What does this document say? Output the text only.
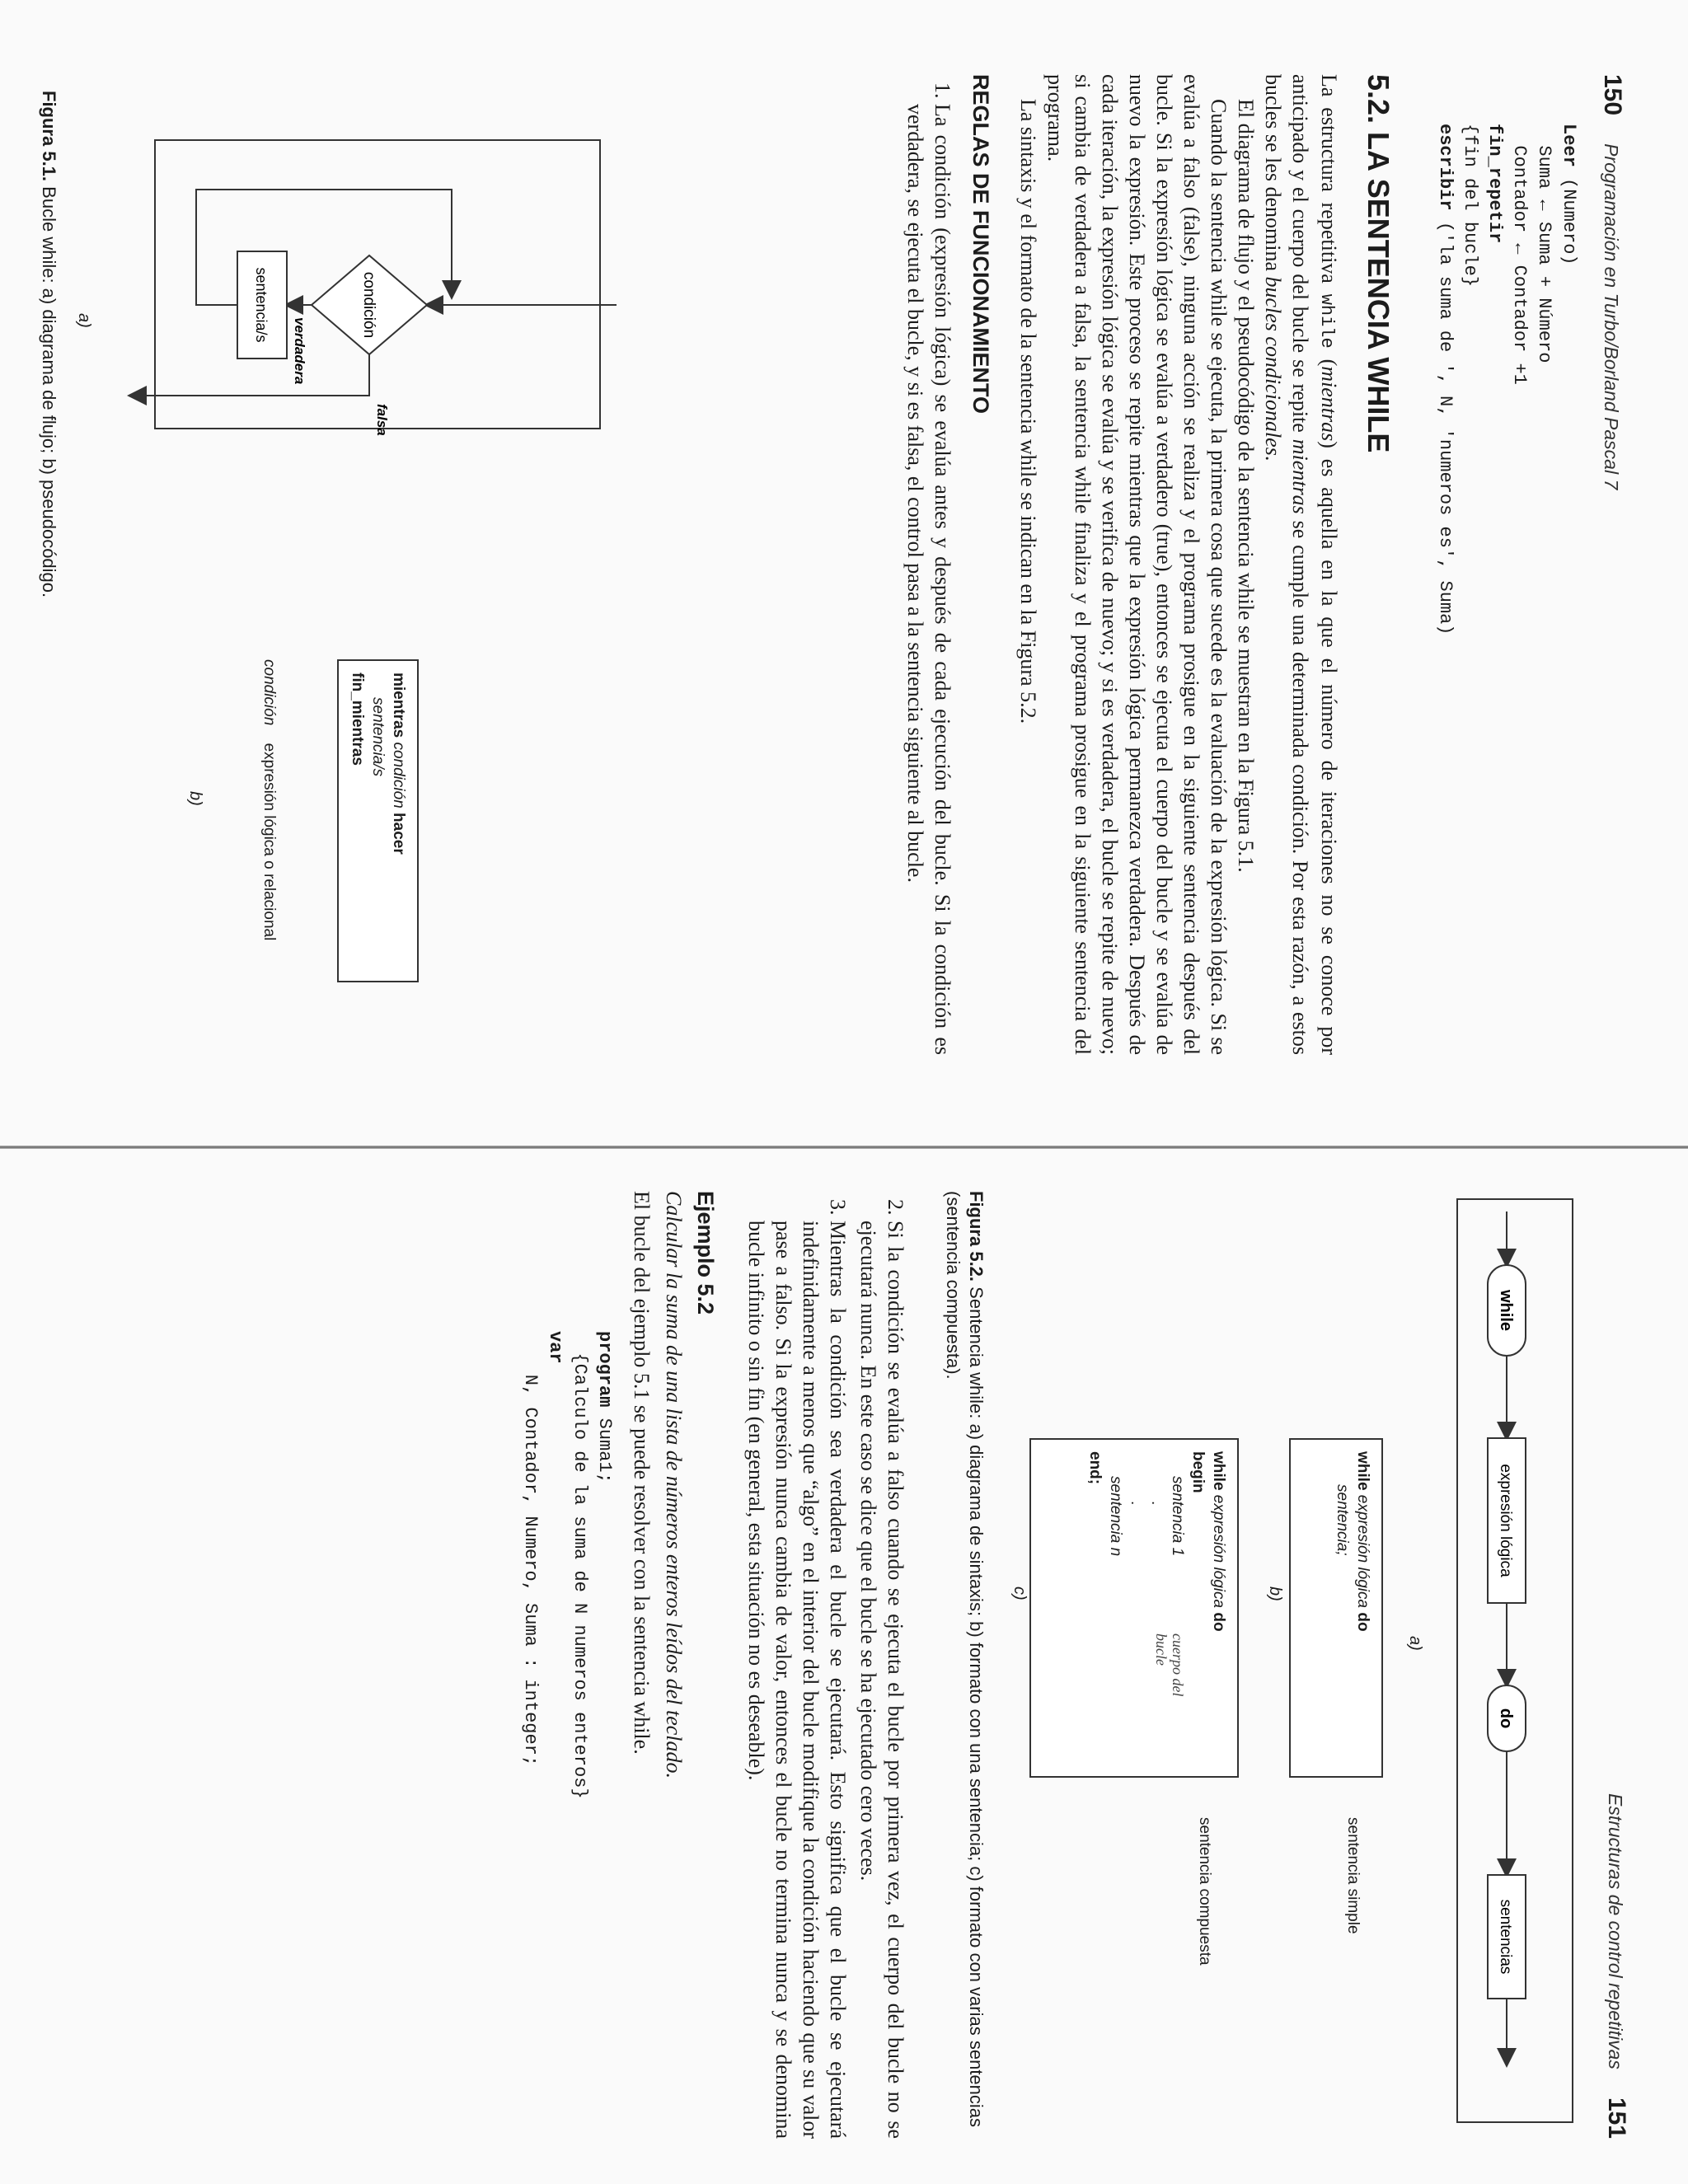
150 Programación en Turbo/Borland Pascal 7
Leer (Numero)
Suma ← Suma + Número
Contador ← Contador +1
fin_repetir
{fin del bucle}
escribir ('la suma de ', N, 'numeros es', Suma)
5.2. LA SENTENCIA WHILE

La estructura repetitiva while (mientras) es aquella en la que el número de iteraciones no se conoce por anticipado y el cuerpo del bucle se repite mientras se cumple una determinada condición. Por esta razón, a estos bucles se les denomina bucles condicionales.

El diagrama de flujo y el pseudocódigo de la sentencia while se muestran en la Figura 5.1.

Cuando la sentencia while se ejecuta, la primera cosa que sucede es la evaluación de la expresión lógica. Si se evalúa a falso (false), ninguna acción se realiza y el programa prosigue en la siguiente sentencia después del bucle. Si la expresión lógica se evalúa a verdadero (true), entonces se ejecuta el cuerpo del bucle y se evalúa de nuevo la expresión. Este proceso se repite mientras que la expresión lógica permanezca verdadera. Después de cada iteración, la expresión lógica se evalúa y se verifica de nuevo; y si es verdadera, el bucle se repite de nuevo; si cambia de verdadera a falsa, la sentencia while finaliza y el programa prosigue en la siguiente sentencia del programa.

La sintaxis y el formato de la sentencia while se indican en la Figura 5.2.

REGLAS DE FUNCIONAMIENTO
1. La condición (expresión lógica) se evalúa antes y después de cada ejecución del bucle. Si la condición es verdadera, se ejecuta el bucle, y si es falsa, el control pasa a la sentencia siguiente al bucle.
condición
sentencia/s
verdadera
falsa
a)
mientras condición hacer
sentencia/s
fin_mientras
condición expresión lógica o relacional
b)
Figura 5.1. Bucle while: a) diagrama de flujo; b) pseudocódigo.
Estructuras de control repetitivas 151
while
expresión lógica
do
sentencias
a)
while expresión lógica do
sentencia;
sentencia simple
b)
while expresión lógica do
begin
sentencia 1
.
.
sentencia n
end;
cuerpo del bucle
sentencia compuesta
c)
Figura 5.2. Sentencia while: a) diagrama de sintaxis; b) formato con una sentencia; c) formato con varias sentencias (sentencia compuesta).
2. Si la condición se evalúa a falso cuando se ejecuta el bucle por primera vez, el cuerpo del bucle no se ejecutará nunca. En este caso se dice que el bucle se ha ejecutado cero veces.
3. Mientras la condición sea verdadera el bucle se ejecutará. Esto significa que el bucle se ejecutará indefinidamente a menos que “algo” en el interior del bucle modifique la condición haciendo que su valor pase a falso. Si la expresión nunca cambia de valor, entonces el bucle no termina nunca y se denomina bucle infinito o sin fin (en general, esta situación no es deseable).
Ejemplo 5.2

Calcular la suma de una lista de números enteros leídos del teclado.

El bucle del ejemplo 5.1 se puede resolver con la sentencia while.

program Suma1;
{Calculo de la suma de N numeros enteros}
var
N, Contador, Numero, Suma : integer;
